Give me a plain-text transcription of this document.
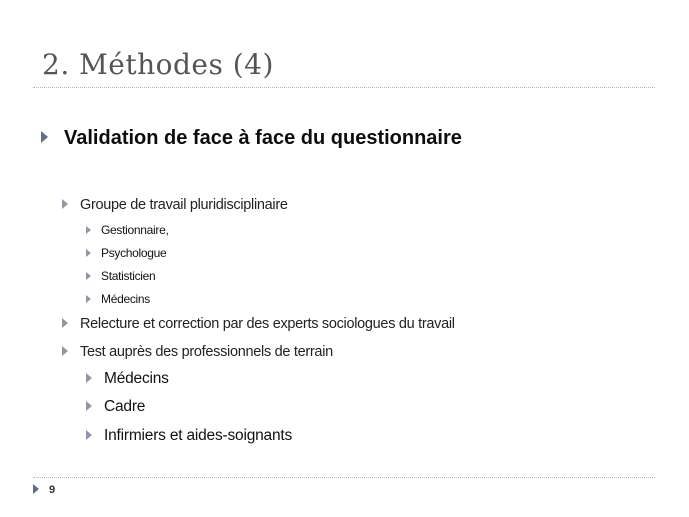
2. Méthodes (4)
Validation de face à face du questionnaire
Groupe de travail pluridisciplinaire
Gestionnaire,
Psychologue
Statisticien
Médecins
Relecture et correction par des experts sociologues du travail
Test auprès des professionnels de terrain
Médecins
Cadre
Infirmiers et aides-soignants
9
